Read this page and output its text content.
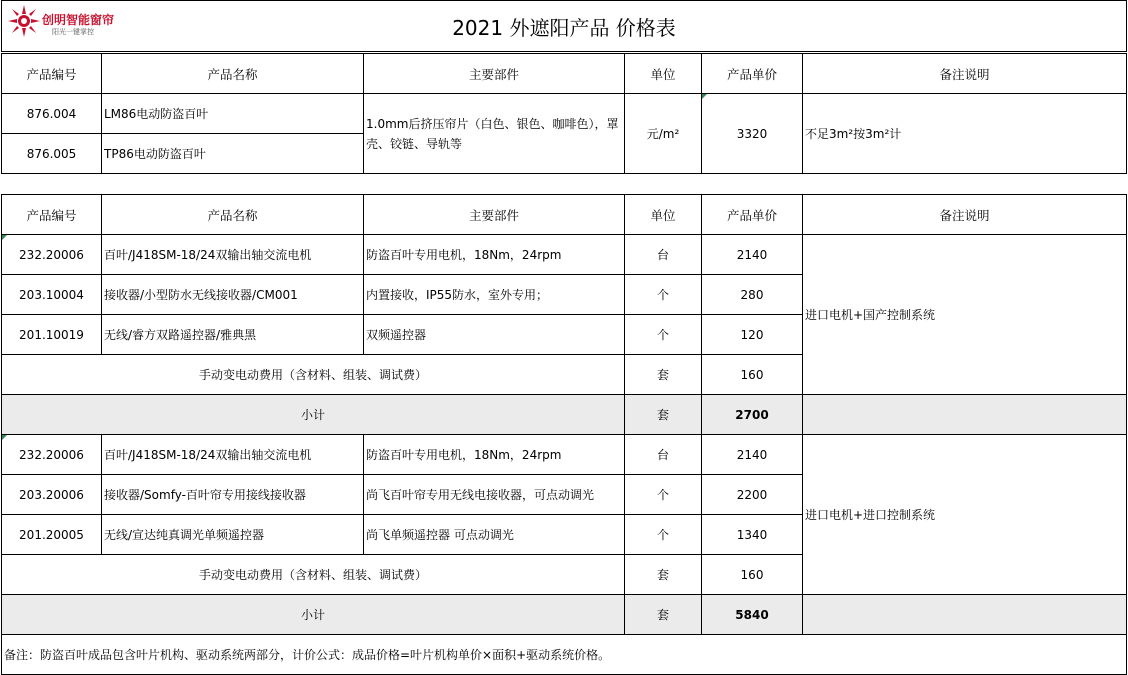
2021 外遮阳产品 价格表
创明智能窗帘
阳光一键掌控
产品编号	产品名称	主要部件	单位	产品单价	备注说明
876.004	LM86电动防盗百叶	1.0mm后挤压帘片（白色、银色、咖啡色），罩壳、铰链、导轨等	元/m²	3320	不足3m²按3m²计
876.005	TP86电动防盗百叶				
产品编号	产品名称	主要部件	单位	产品单价	备注说明
232.20006	百叶/J418SM-18/24双输出轴交流电机	防盗百叶专用电机，18Nm，24rpm	台	2140	进口电机+国产控制系统
203.10004	接收器/小型防水无线接收器/CM001	内置接收，IP55防水，室外专用；	个	280	
201.10019	无线/睿方双路遥控器/雅典黑	双频遥控器	个	120	
手动变电动费用（含材料、组装、调试费）			套	160	
小计			套	2700	
232.20006	百叶/J418SM-18/24双输出轴交流电机	防盗百叶专用电机，18Nm，24rpm	台	2140	进口电机+进口控制系统
203.20006	接收器/Somfy-百叶帘专用接线接收器	尚飞百叶帘专用无线电接收器，可点动调光	个	2200	
201.20005	无线/宣达纯真调光单频遥控器	尚飞单频遥控器 可点动调光	个	1340	
手动变电动费用（含材料、组装、调试费）			套	160	
小计			套	5840	
备注：防盗百叶成品包含叶片机构、驱动系统两部分，计价公式：成品价格=叶片机构单价×面积+驱动系统价格。					
